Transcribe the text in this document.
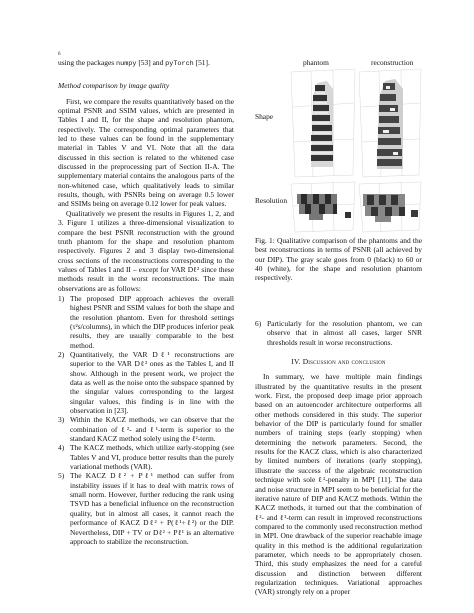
6

using the packages numpy [53] and pyTorch [51].

Method comparison by image quality

First, we compare the results quantitatively based on the optimal PSNR and SSIM values, which are presented in Tables I and II, for the shape and resolution phantom, respectively. The corresponding optimal parameters that led to these values can be found in the supplementary material in Tables V and VI. Note that all the data discussed in this section is related to the whitened case discussed in the preprocessing part of Section II-A. The supplementary material contains the analogous parts of the non-whitened case, which qualitatively leads to similar results, though, with PSNRs being on average 0.5 lower and SSIMs being on average 0.12 lower for peak values.

Qualitatively we present the results in Figures 1, 2, and 3. Figure 1 utilizes a three-dimensional visualization to compare the best PSNR reconstruction with the ground truth phantom for the shape and resolution phantom respectively. Figures 2 and 3 display two-dimensional cross sections of the reconstructions corresponding to the values of Tables I and II – except for VAR Dℓ² since these methods result in the worst reconstructions. The main observations are as follows:

1) The proposed DIP approach achieves the overall highest PSNR and SSIM values for both the shape and the resolution phantom. Even for threshold settings (τ²s/columns), in which the DIP produces inferior peak results, they are usually comparable to the best method.
2) Quantitatively, the VAR Dℓ¹ reconstructions are superior to the VAR Dℓ² ones as the Tables I, and II show. Although in the present work, we project the data as well as the noise onto the subspace spanned by the singular values corresponding to the largest singular values, this finding is in line with the observation in [23].
3) Within the KACZ methods, we can observe that the combination of ℓ²- and ℓ¹-term is superior to the standard KACZ method solely using the ℓ²-term.
4) The KACZ methods, which utilize early-stopping (see Tables V and VI, produce better results than the purely variational methods (VAR).
5) The KACZ Dℓ² + Pℓ¹ method can suffer from instability issues if it has to deal with matrix rows of small norm. However, further reducing the rank using TSVD has a beneficial influence on the reconstruction quality, but in almost all cases, it cannot reach the performance of KACZ Dℓ² + P(ℓ¹+ℓ²) or the DIP. Nevertheless, DIP + TV or Dℓ² + Pℓ¹ is an alternative approach to stabilize the reconstruction.
phantom	reconstruction
Shape
Resolution
Fig. 1: Qualitative comparison of the phantoms and the best reconstructions in terms of PSNR (all achieved by our DIP). The gray scale goes from 0 (black) to 60 or 40 (white), for the shape and resolution phantom respectively.
6) Particularly for the resolution phantom, we can observe that in almost all cases, larger SNR thresholds result in worse reconstructions.

IV. Discussion and conclusion

In summary, we have multiple main findings illustrated by the quantitative results in the present work. First, the proposed deep image prior approach based on an autoencoder architecture outperforms all other methods considered in this study. The superior behavior of the DIP is particularly found for smaller numbers of training steps (early stopping) when determining the network parameters. Second, the results for the KACZ class, which is also characterized by limited numbers of iterations (early stopping), illustrate the success of the algebraic reconstruction technique with sole ℓ²-penalty in MPI [11]. The data and noise structure in MPI seem to be beneficial for the iterative nature of DIP and KACZ methods. Within the KACZ methods, it turned out that the combination of ℓ²- and ℓ¹-term can result in improved reconstructions compared to the commonly used reconstruction method in MPI. One drawback of the superior reachable image quality in this method is the additional regularization parameter, which needs to be appropriately chosen. Third, this study emphasizes the need for a careful discussion and distinction between different regularization techniques. Variational approaches (VAR) strongly rely on a proper
